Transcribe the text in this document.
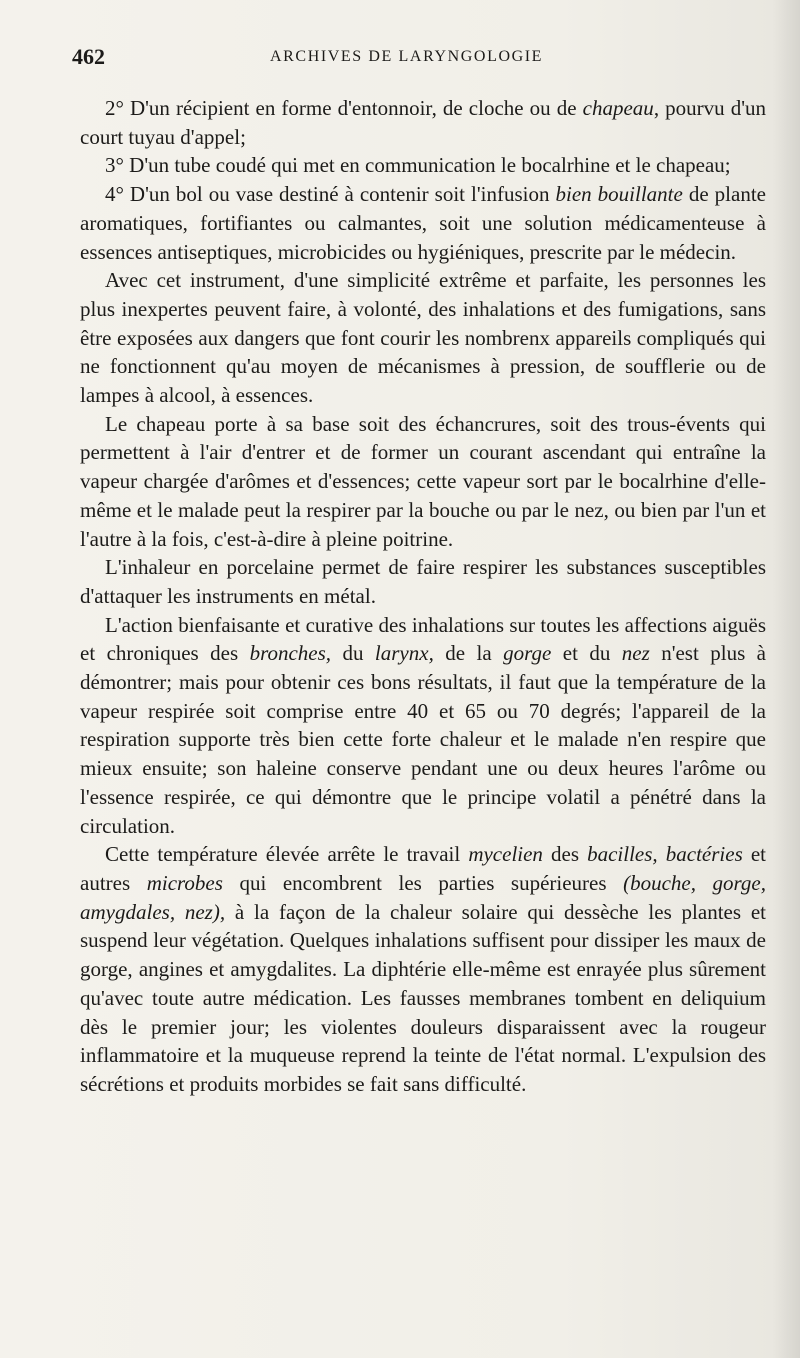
462	ARCHIVES DE LARYNGOLOGIE

2° D'un récipient en forme d'entonnoir, de cloche ou de chapeau, pourvu d'un court tuyau d'appel;

3° D'un tube coudé qui met en communication le bocalrhine et le chapeau;

4° D'un bol ou vase destiné à contenir soit l'infusion bien bouillante de plante aromatiques, fortifiantes ou calmantes, soit une solution médicamenteuse à essences antiseptiques, microbicides ou hygiéniques, prescrite par le médecin.

Avec cet instrument, d'une simplicité extrême et parfaite, les personnes les plus inexpertes peuvent faire, à volonté, des inhalations et des fumigations, sans être exposées aux dangers que font courir les nombrenx appareils compliqués qui ne fonctionnent qu'au moyen de mécanismes à pression, de soufflerie ou de lampes à alcool, à essences.

Le chapeau porte à sa base soit des échancrures, soit des trous-évents qui permettent à l'air d'entrer et de former un courant ascendant qui entraîne la vapeur chargée d'arômes et d'essences; cette vapeur sort par le bocalrhine d'elle-même et le malade peut la respirer par la bouche ou par le nez, ou bien par l'un et l'autre à la fois, c'est-à-dire à pleine poitrine.

L'inhaleur en porcelaine permet de faire respirer les substances susceptibles d'attaquer les instruments en métal.

L'action bienfaisante et curative des inhalations sur toutes les affections aiguës et chroniques des bronches, du larynx, de la gorge et du nez n'est plus à démontrer; mais pour obtenir ces bons résultats, il faut que la température de la vapeur respirée soit comprise entre 40 et 65 ou 70 degrés; l'appareil de la respiration supporte très bien cette forte chaleur et le malade n'en respire que mieux ensuite; son haleine conserve pendant une ou deux heures l'arôme ou l'essence respirée, ce qui démontre que le principe volatil a pénétré dans la circulation.

Cette température élevée arrête le travail mycelien des bacilles, bactéries et autres microbes qui encombrent les parties supérieures (bouche, gorge, amygdales, nez), à la façon de la chaleur solaire qui dessèche les plantes et suspend leur végétation. Quelques inhalations suffisent pour dissiper les maux de gorge, angines et amygdalites. La diphtérie elle-même est enrayée plus sûrement qu'avec toute autre médication. Les fausses membranes tombent en deliquium dès le premier jour; les violentes douleurs disparaissent avec la rougeur inflammatoire et la muqueuse reprend la teinte de l'état normal. L'expulsion des sécrétions et produits morbides se fait sans difficulté.
